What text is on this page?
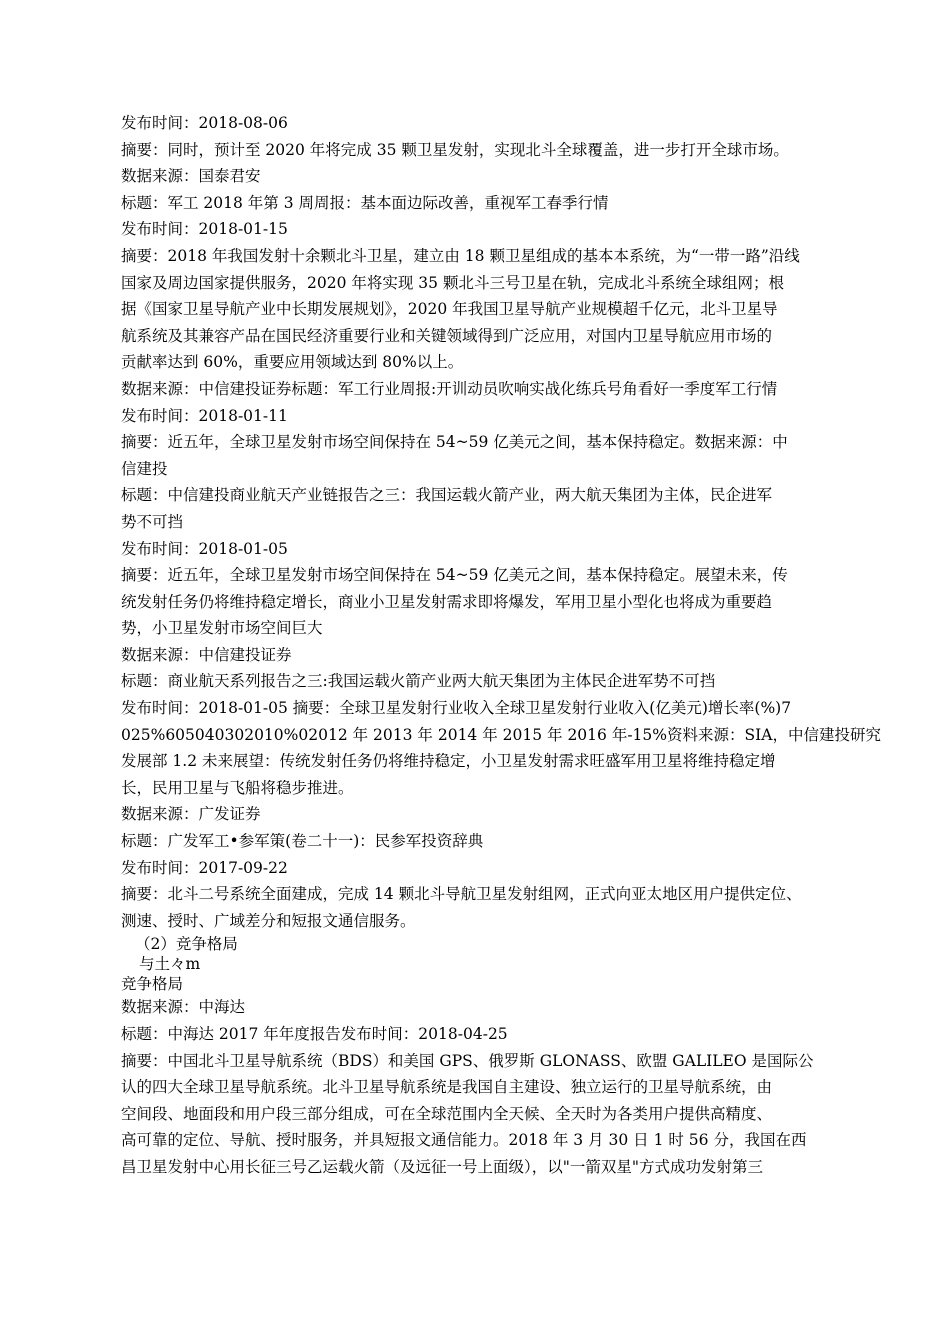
发布时间：2018-08-06
摘要：同时，预计至 2020 年将完成 35 颗卫星发射，实现北斗全球覆盖，进一步打开全球市场。
数据来源：国泰君安
标题：军工 2018 年第 3 周周报：基本面边际改善，重视军工春季行情
发布时间：2018-01-15
摘要：2018 年我国发射十余颗北斗卫星，建立由 18 颗卫星组成的基本本系统，为“一带一路”沿线
国家及周边国家提供服务，2020 年将实现 35 颗北斗三号卫星在轨，完成北斗系统全球组网；根
据《国家卫星导航产业中长期发展规划》，2020 年我国卫星导航产业规模超千亿元，北斗卫星导
航系统及其兼容产品在国民经济重要行业和关键领域得到广泛应用，对国内卫星导航应用市场的
贡献率达到 60%，重要应用领域达到 80%以上。
数据来源：中信建投证券标题：军工行业周报:开训动员吹响实战化练兵号角看好一季度军工行情
发布时间：2018-01-11
摘要：近五年，全球卫星发射市场空间保持在 54~59 亿美元之间，基本保持稳定。数据来源：中
信建投
标题：中信建投商业航天产业链报告之三：我国运载火箭产业，两大航天集团为主体，民企进军
势不可挡
发布时间：2018-01-05
摘要：近五年，全球卫星发射市场空间保持在 54~59 亿美元之间，基本保持稳定。展望未来，传
统发射任务仍将维持稳定增长，商业小卫星发射需求即将爆发，军用卫星小型化也将成为重要趋
势，小卫星发射市场空间巨大
数据来源：中信建投证券
标题：商业航天系列报告之三:我国运载火箭产业两大航天集团为主体民企进军势不可挡
发布时间：2018-01-05 摘要：全球卫星发射行业收入全球卫星发射行业收入(亿美元)增长率(%)7
025%605040302010%02012 年 2013 年 2014 年 2015 年 2016 年-15%资料来源：SIA，中信建投研究
发展部 1.2 未来展望：传统发射任务仍将维持稳定，小卫星发射需求旺盛军用卫星将维持稳定增
长，民用卫星与飞船将稳步推进。
数据来源：广发证券
标题：广发军工•参军策(卷二十一)：民参军投资辞典
发布时间：2017-09-22
摘要：北斗二号系统全面建成，完成 14 颗北斗导航卫星发射组网，正式向亚太地区用户提供定位、
测速、授时、广域差分和短报文通信服务。
（2）竞争格局
与土々m
竞争格局
数据来源：中海达
标题：中海达 2017 年年度报告发布时间：2018-04-25
摘要：中国北斗卫星导航系统（BDS）和美国 GPS、俄罗斯 GLONASS、欧盟 GALILEO 是国际公
认的四大全球卫星导航系统。北斗卫星导航系统是我国自主建设、独立运行的卫星导航系统，由
空间段、地面段和用户段三部分组成，可在全球范围内全天候、全天时为各类用户提供高精度、
高可靠的定位、导航、授时服务，并具短报文通信能力。2018 年 3 月 30 日 1 时 56 分，我国在西
昌卫星发射中心用长征三号乙运载火箭（及远征一号上面级），以"一箭双星"方式成功发射第三
